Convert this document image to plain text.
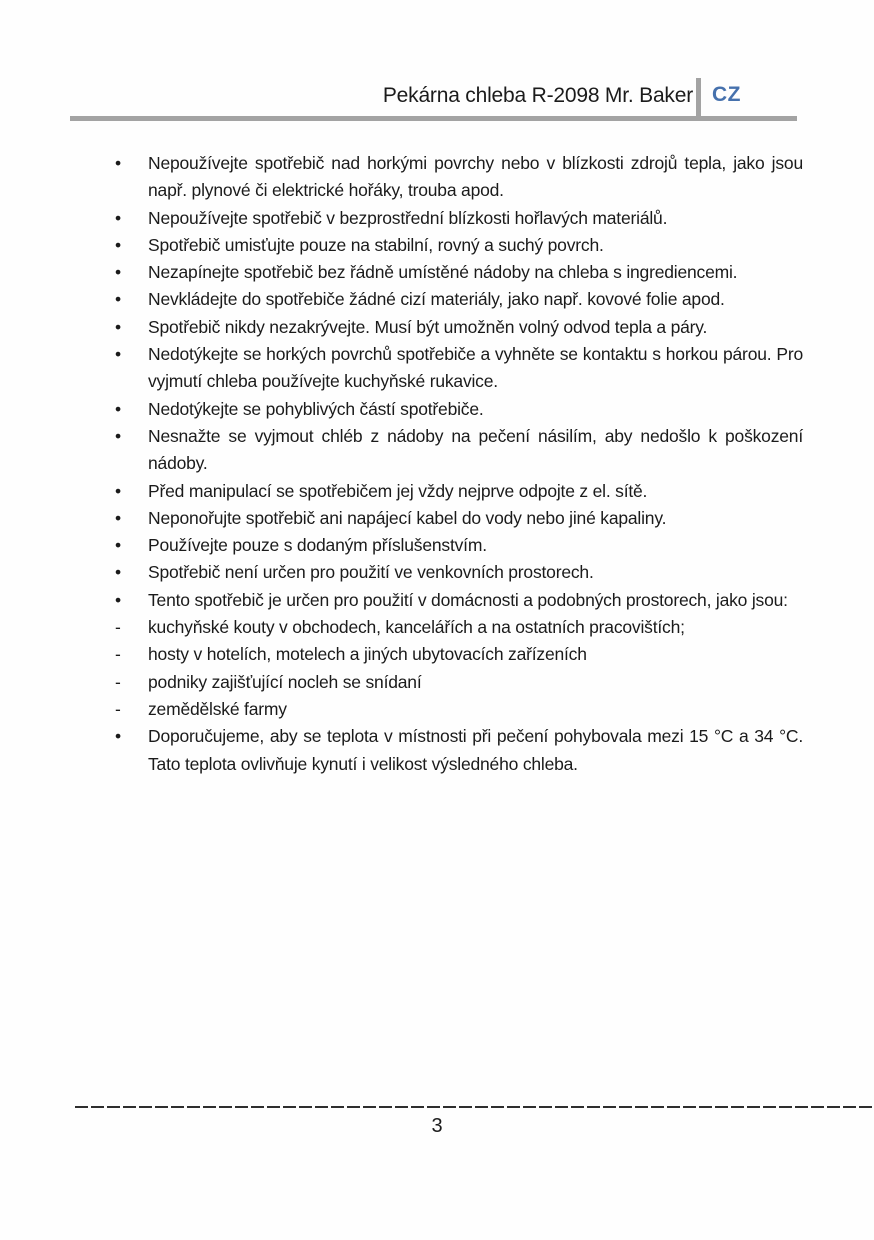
Pekárna chleba R-2098 Mr. Baker CZ
•	Nepoužívejte spotřebič nad horkými povrchy nebo v blízkosti zdrojů tepla, jako jsou např. plynové či elektrické hořáky, trouba apod.
•	Nepoužívejte spotřebič v bezprostřední blízkosti hořlavých materiálů.
•	Spotřebič umisťujte pouze na stabilní, rovný a suchý povrch.
•	Nezapínejte spotřebič bez řádně umístěné nádoby na chleba s ingrediencemi.
•	Nevkládejte do spotřebiče žádné cizí materiály, jako např. kovové folie apod.
•	Spotřebič nikdy nezakrývejte. Musí být umožněn volný odvod tepla a páry.
•	Nedotýkejte se horkých povrchů spotřebiče a vyhněte se kontaktu s horkou párou. Pro vyjmutí chleba používejte kuchyňské rukavice.
•	Nedotýkejte se pohyblivých částí spotřebiče.
•	Nesnažte se vyjmout chléb z nádoby na pečení násilím, aby nedošlo k poškození nádoby.
•	Před manipulací se spotřebičem jej vždy nejprve odpojte z el. sítě.
•	Neponořujte spotřebič ani napájecí kabel do vody nebo jiné kapaliny.
•	Používejte pouze s dodaným příslušenstvím.
•	Spotřebič není určen pro použití ve venkovních prostorech.
•	Tento spotřebič je určen pro použití v domácnosti a podobných prostorech, jako jsou:
-	kuchyňské kouty v obchodech, kancelářích a na ostatních pracovištích;
-	hosty v hotelích, motelech a jiných ubytovacích zařízeních
-	podniky zajišťující nocleh se snídaní
-	zemědělské farmy
•	Doporučujeme, aby se teplota v místnosti při pečení pohybovala mezi 15 °C a 34 °C. Tato teplota ovlivňuje kynutí i velikost výsledného chleba.
3
